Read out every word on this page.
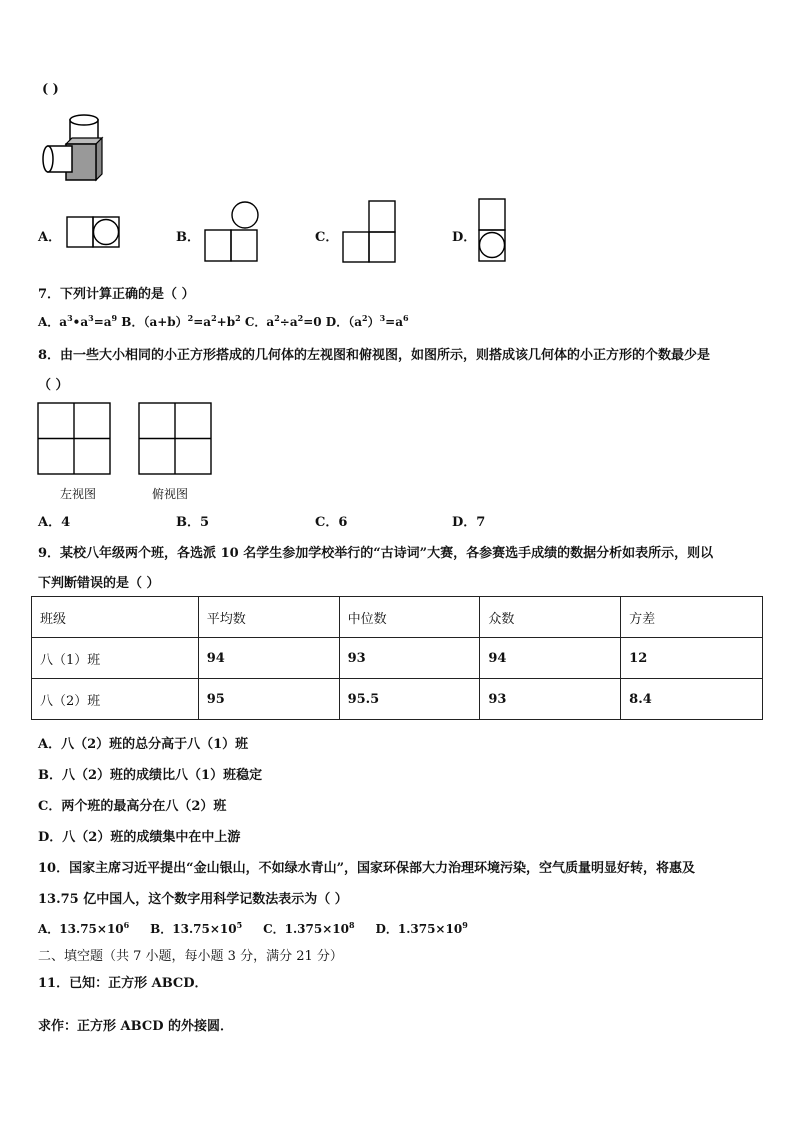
( )
A．	B．	C．	D．
7．下列计算正确的是（ ）
A．$a^3•a^3=a^9$ B．$(a+b)^2=a^2+b^2$ C．$a^2\div a^2=0$ D．$(a^2)^3=a^6$
8．由一些大小相同的小正方形搭成的几何体的左视图和俯视图，如图所示，则搭成该几何体的小正方形的个数最少是
（ ）
左视图	俯视图
A．4	B．5	C．6	D．7
9．某校八年级两个班，各选派 10 名学生参加学校举行的“古诗词”大赛，各参赛选手成绩的数据分析如表所示，则以
下判断错误的是（ ）
班级	平均数	中位数	众数	方差
八（1）班	94	93	94	12
八（2）班	95	95.5	93	8.4
A．八（2）班的总分高于八（1）班
B．八（2）班的成绩比八（1）班稳定
C．两个班的最高分在八（2）班
D．八（2）班的成绩集中在中上游
10．国家主席习近平提出“金山银山，不如绿水青山”，国家环保部大力治理环境污染，空气质量明显好转，将惠及
13.75 亿中国人，这个数字用科学记数法表示为（ ）
A．$13.75\times 10^6$ B．$13.75\times 10^5$ C．$1.375\times 10^8$ D．$1.375\times 10^9$
二、填空题（共 7 小题，每小题 3 分，满分 21 分）
11．已知：正方形 ABCD．
求作：正方形 ABCD 的外接圆．
